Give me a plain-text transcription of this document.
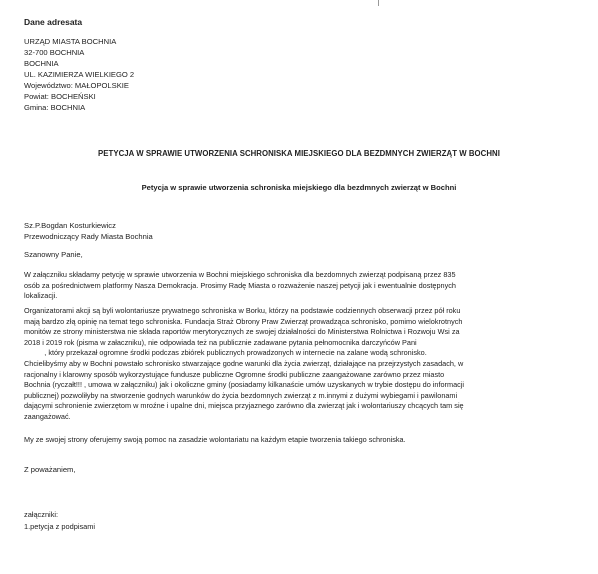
Dane adresata
URZĄD MIASTA BOCHNIA
32-700 BOCHNIA
BOCHNIA
UL. KAZIMIERZA WIELKIEGO 2
Województwo: MAŁOPOLSKIE
Powiat: BOCHEŃSKI
Gmina: BOCHNIA
PETYCJA W SPRAWIE UTWORZENIA SCHRONISKA MIEJSKIEGO DLA BEZDMNYCH ZWIERZĄT W BOCHNI
Petycja w sprawie utworzenia schroniska miejskiego dla bezdmnych zwierząt w Bochni
Sz.P.Bogdan Kosturkiewicz
Przewodniczący Rady Miasta Bochnia
Szanowny Panie,
W załączniku składamy petycję w sprawie utworzenia w Bochni miejskiego schroniska dla bezdomnych zwierząt podpisaną przez 835
osób za pośrednictwem platformy Nasza Demokracja. Prosimy Radę Miasta o rozważenie naszej petycji jak i ewentualnie dostępnych
lokalizacji.
Organizatorami akcji są byli wolontariusze prywatnego schroniska w Borku, którzy na podstawie codziennych obserwacji przez pół roku
mają bardzo złą opinię na temat tego schroniska. Fundacja Straż Obrony Praw Zwierząt prowadząca schronisko, pomimo wielokrotnych
monitów ze strony ministerstwa nie składa raportów merytorycznych ze swojej działalności do Ministerstwa Rolnictwa i Rozwoju Wsi za
2018 i 2019 rok (pisma w załaczniku), nie odpowiada też na publicznie zadawane pytania pełnomocnika darczyńców Pani
, który przekazał ogromne środki podczas zbiórek publicznych prowadzonych w internecie na zalane wodą schronisko.
Chcielibyśmy aby w Bochni powstało schronisko stwarzające godne warunki dla życia zwierząt, działające na przejrzystych zasadach, w
racjonalny i klarowny sposób wykorzystujące fundusze publiczne Ogromne środki publiczne zaangażowane zarówno przez miasto
Bochnia (ryczałt!!! , umowa w załączniku) jak i okoliczne gminy (posiadamy kilkanaście umów uzyskanych w trybie dostępu do informacji
publicznej) pozwoliłyby na stworzenie godnych warunków do życia bezdomnych zwierząt z m.innymi z dużymi wybiegami i pawilonami
dającymi schronienie zwierzętom w mroźne i upalne dni, miejsca przyjaznego zarówno dla zwierząt jak i wolontariuszy chcących tam się
zaangażować.
My ze swojej strony oferujemy swoją pomoc na zasadzie wolontariatu na każdym etapie tworzenia takiego schroniska.
Z poważaniem,
załączniki:
1.petycja z podpisami
